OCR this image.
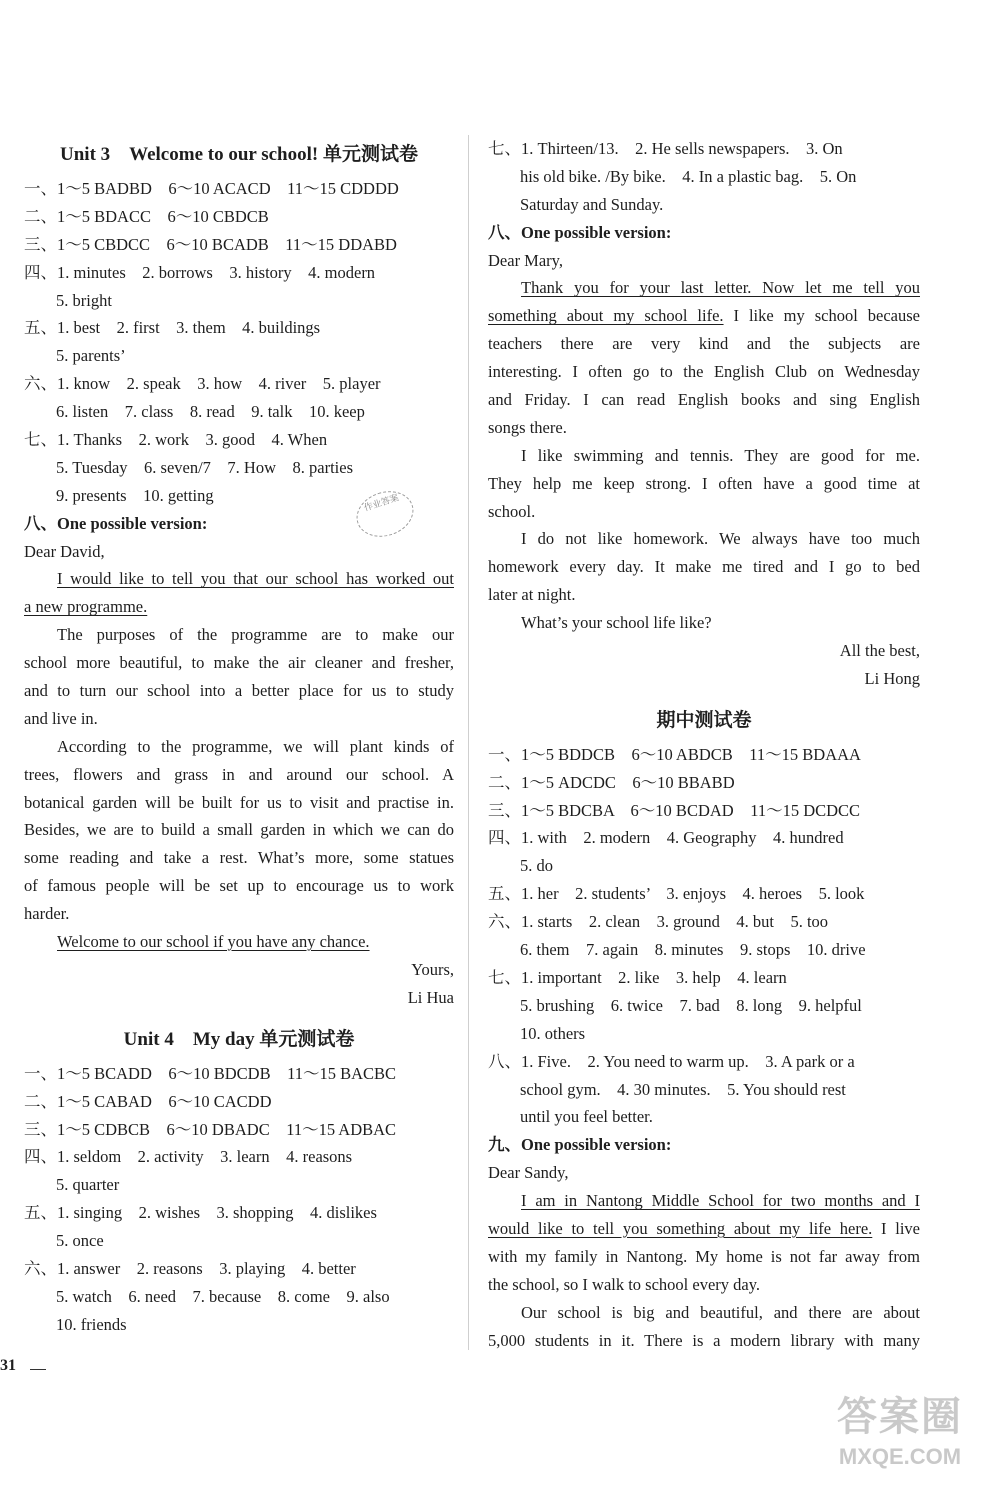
Unit 3　Welcome to our school! 单元测试卷
一、1～5 BADBD　6～10 ACACD　11～15 CDDDD
二、1～5 BDACC　6～10 CBDCB
三、1～5 CBDCC　6～10 BCADB　11～15 DDABD
四、1. minutes　2. borrows　3. history　4. modern
5. bright
五、1. best　2. first　3. them　4. buildings
5. parents’
六、1. know　2. speak　3. how　4. river　5. player
6. listen　7. class　8. read　9. talk　10. keep
七、1. Thanks　2. work　3. good　4. When
5. Tuesday　6. seven/7　7. How　8. parties
9. presents　10. getting
八、One possible version:
Dear David,
I would like to tell you that our school has worked out
a new programme.
The purposes of the programme are to make our
school more beautiful, to make the air cleaner and fresher,
and to turn our school into a better place for us to study
and live in.
According to the programme, we will plant kinds of
trees, flowers and grass in and around our school. A
botanical garden will be built for us to visit and practise in.
Besides, we are to build a small garden in which we can do
some reading and take a rest. What’s more, some statues
of famous people will be set up to encourage us to work
harder.
Welcome to our school if you have any chance.
Yours,
Li Hua
Unit 4　My day 单元测试卷
一、1～5 BCADD　6～10 BDCDB　11～15 BACBC
二、1～5 CABAD　6～10 CACDD
三、1～5 CDBCB　6～10 DBADC　11～15 ADBAC
四、1. seldom　2. activity　3. learn　4. reasons
5. quarter
五、1. singing　2. wishes　3. shopping　4. dislikes
5. once
六、1. answer　2. reasons　3. playing　4. better
5. watch　6. need　7. because　8. come　9. also
10. friends
作业答案
七、1. Thirteen/13.　2. He sells newspapers.　3. On
his old bike. /By bike.　4. In a plastic bag.　5. On
Saturday and Sunday.
八、One possible version:
Dear Mary,
Thank you for your last letter. Now let me tell you
something about my school life. I like my school because
teachers there are very kind and the subjects are
interesting. I often go to the English Club on Wednesday
and Friday. I can read English books and sing English
songs there.
I like swimming and tennis. They are good for me.
They help me keep strong. I often have a good time at
school.
I do not like homework. We always have too much
homework every day. It make me tired and I go to bed
later at night.
What’s your school life like?
All the best,
Li Hong
期中测试卷
一、1～5 BDDCB　6～10 ABDCB　11～15 BDAAA
二、1～5 ADCDC　6～10 BBABD
三、1～5 BDCBA　6～10 BCDAD　11～15 DCDCC
四、1. with　2. modern　4. Geography　4. hundred
5. do
五、1. her　2. students’　3. enjoys　4. heroes　5. look
六、1. starts　2. clean　3. ground　4. but　5. too
6. them　7. again　8. minutes　9. stops　10. drive
七、1. important　2. like　3. help　4. learn
5. brushing　6. twice　7. bad　8. long　9. helpful
10. others
八、1. Five.　2. You need to warm up.　3. A park or a
school gym.　4. 30 minutes.　5. You should rest
until you feel better.
九、One possible version:
Dear Sandy,
I am in Nantong Middle School for two months and I
would like to tell you something about my life here. I live
with my family in Nantong. My home is not far away from
the school, so I walk to school every day.
Our school is big and beautiful, and there are about
5,000 students in it. There is a modern library with many
31
答案圈
MXQE.COM
